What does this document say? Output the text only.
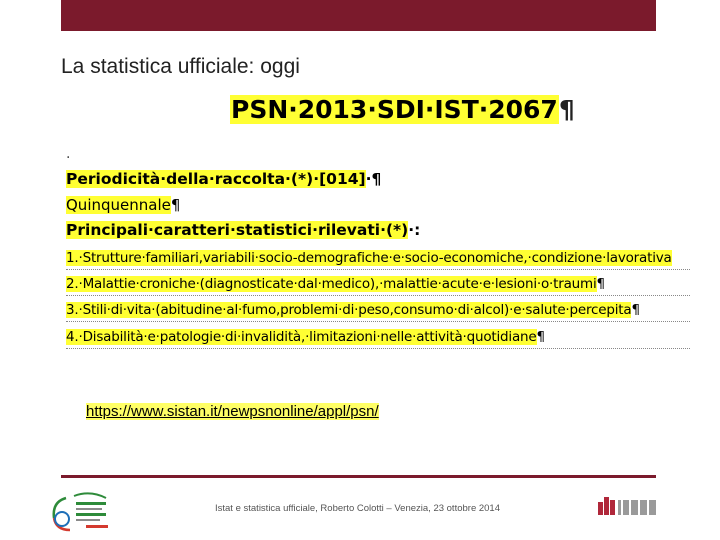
La statistica ufficiale: oggi
PSN·2013·SDI·IST·2067¶
·
Periodicità·della·raccolta·(*)·[014]·¶
Quinquennale¶
Principali·caratteri·statistici·rilevati·(*)·:
1.·Strutture·familiari,variabili·socio-demografiche·e·socio-economiche,·condizione·lavorativa
2.·Malattie·croniche·(diagnosticate·dal·medico),·malattie·acute·e·lesioni·o·traumi¶
3.·Stili·di·vita·(abitudine·al·fumo,problemi·di·peso,consumo·di·alcol)·e·salute·percepita¶
4.·Disabilità·e·patologie·di·invalidità,·limitazioni·nelle·attività·quotidiane¶
https://www.sistan.it/newpsnonline/appl/psn/
Istat e statistica ufficiale, Roberto Colotti – Venezia, 23 ottobre 2014
